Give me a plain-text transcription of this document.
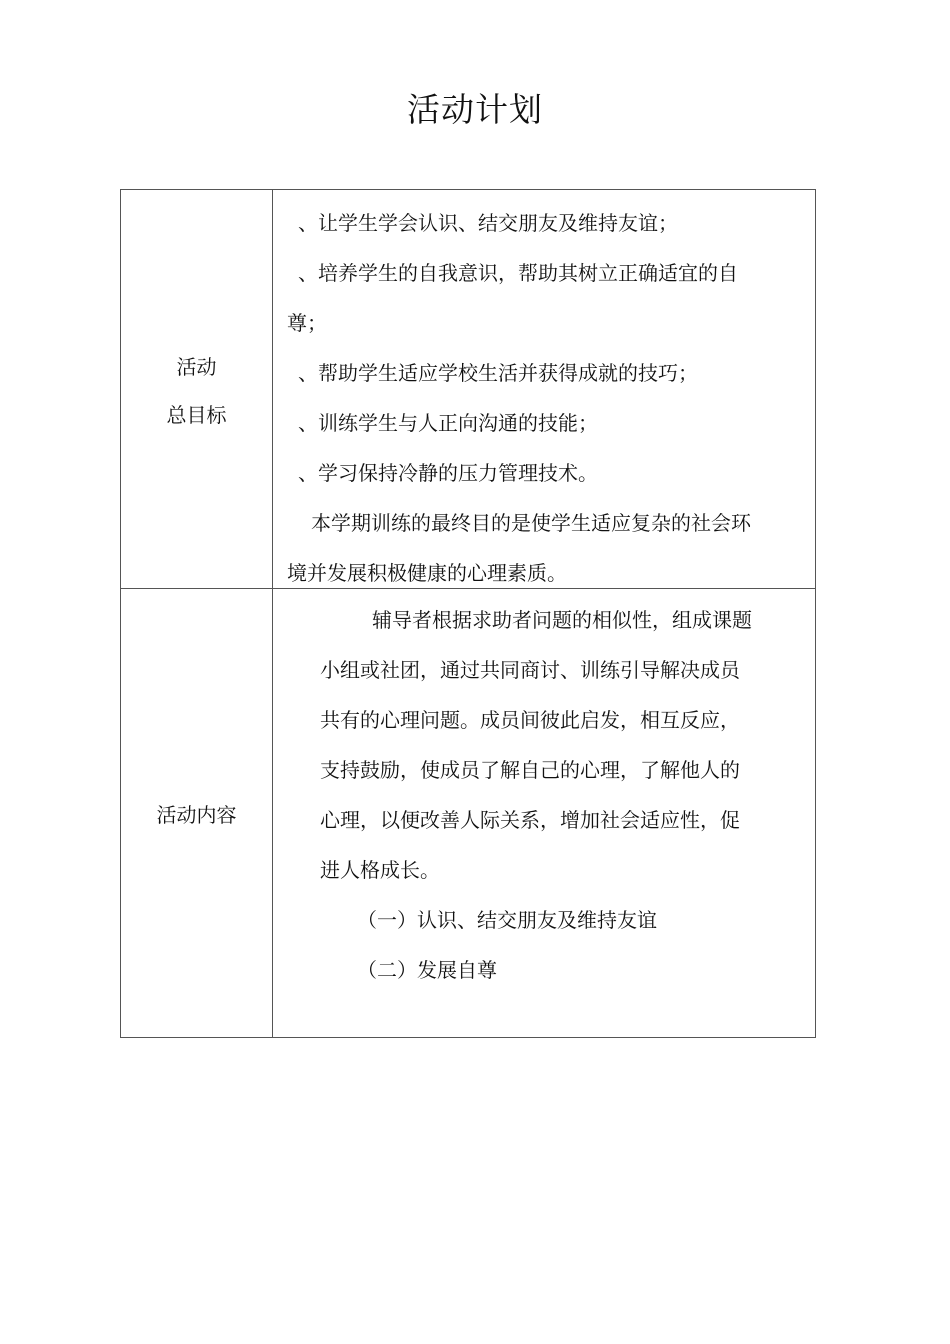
活动计划
活动
总目标
、让学生学会认识、结交朋友及维持友谊；
、培养学生的自我意识，帮助其树立正确适宜的自
尊；
、帮助学生适应学校生活并获得成就的技巧；
、训练学生与人正向沟通的技能；
、学习保持冷静的压力管理技术。
本学期训练的最终目的是使学生适应复杂的社会环
境并发展积极健康的心理素质。
活动内容
辅导者根据求助者问题的相似性，组成课题
小组或社团，通过共同商讨、训练引导解决成员
共有的心理问题。成员间彼此启发，相互反应，
支持鼓励，使成员了解自己的心理，了解他人的
心理，以便改善人际关系，增加社会适应性，促
进人格成长。
（一）认识、结交朋友及维持友谊
（二）发展自尊
